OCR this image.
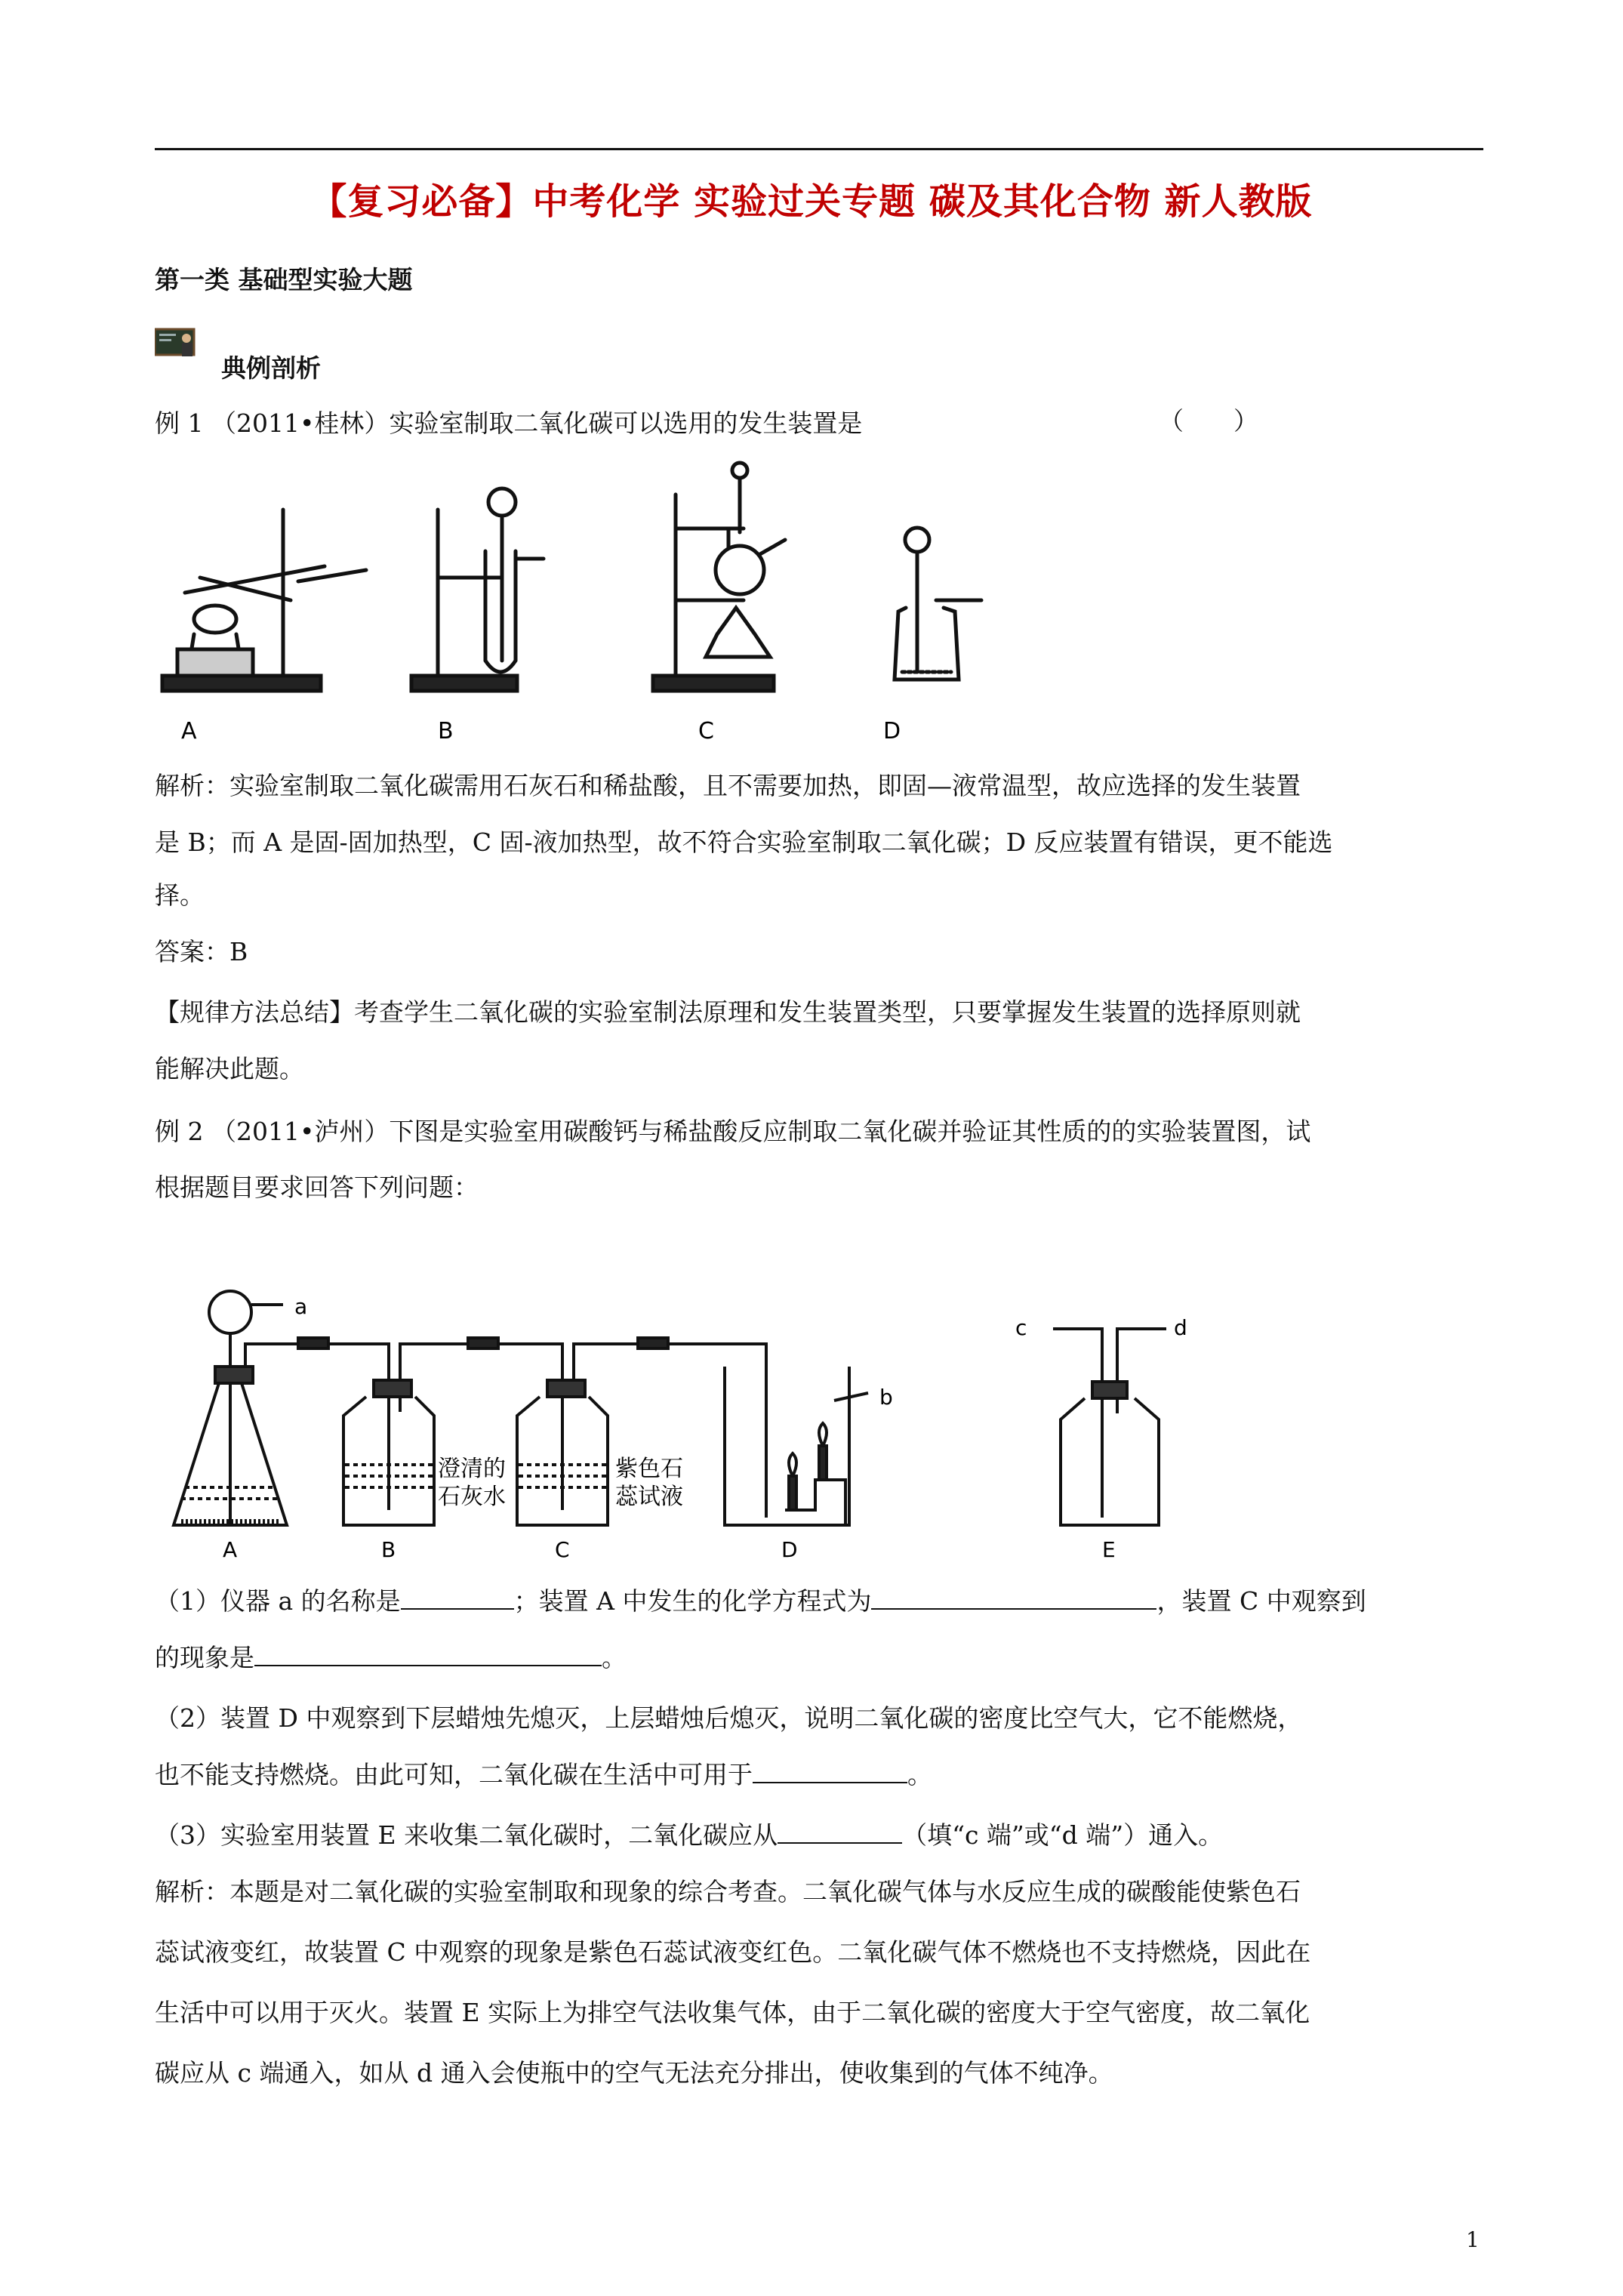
【复习必备】中考化学 实验过关专题 碳及其化合物 新人教版
第一类 基础型实验大题
典例剖析
例 1 （2011•桂林）实验室制取二氧化碳可以选用的发生装置是	（　　）
A	B	C	D
解析：实验室制取二氧化碳需用石灰石和稀盐酸，且不需要加热，即固—液常温型，故应选择的发生装置
是 B；而 A 是固-固加热型，C 固-液加热型，故不符合实验室制取二氧化碳；D 反应装置有错误，更不能选
择。
答案：B
【规律方法总结】考查学生二氧化碳的实验室制法原理和发生装置类型，只要掌握发生装置的选择原则就
能解决此题。
例 2 （2011•泸州）下图是实验室用碳酸钙与稀盐酸反应制取二氧化碳并验证其性质的的实验装置图，试
根据题目要求回答下列问题：
a
b
c	d
澄清的
石灰水
紫色石
蕊试液
A	B	C	D	E
（1）仪器 a 的名称是	；装置 A 中发生的化学方程式为	，装置 C 中观察到
的现象是	。
（2）装置 D 中观察到下层蜡烛先熄灭，上层蜡烛后熄灭，说明二氧化碳的密度比空气大，它不能燃烧，
也不能支持燃烧。由此可知，二氧化碳在生活中可用于	。
（3）实验室用装置 E 来收集二氧化碳时，二氧化碳应从	（填“c 端”或“d 端”）通入。
解析：本题是对二氧化碳的实验室制取和现象的综合考查。二氧化碳气体与水反应生成的碳酸能使紫色石
蕊试液变红，故装置 C 中观察的现象是紫色石蕊试液变红色。二氧化碳气体不燃烧也不支持燃烧，因此在
生活中可以用于灭火。装置 E 实际上为排空气法收集气体，由于二氧化碳的密度大于空气密度，故二氧化
碳应从 c 端通入，如从 d 通入会使瓶中的空气无法充分排出，使收集到的气体不纯净。
1
